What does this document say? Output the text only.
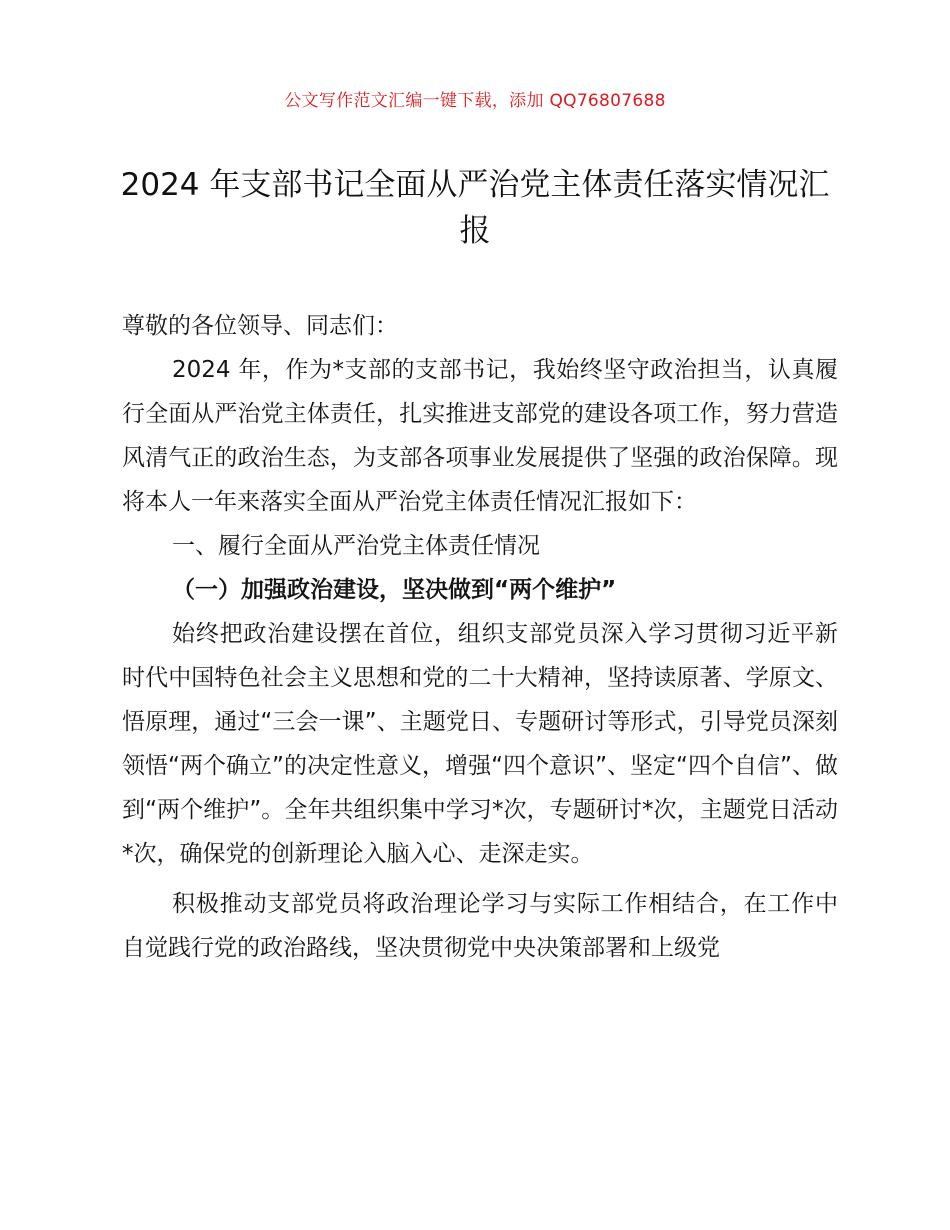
公文写作范文汇编一键下载，添加 QQ76807688
2024 年支部书记全面从严治党主体责任落实情况汇报

尊敬的各位领导、同志们：

2024 年，作为*支部的支部书记，我始终坚守政治担当，认真履行全面从严治党主体责任，扎实推进支部党的建设各项工作，努力营造风清气正的政治生态，为支部各项事业发展提供了坚强的政治保障。现将本人一年来落实全面从严治党主体责任情况汇报如下：

一、履行全面从严治党主体责任情况

（一）加强政治建设，坚决做到“两个维护”

始终把政治建设摆在首位，组织支部党员深入学习贯彻习近平新时代中国特色社会主义思想和党的二十大精神，坚持读原著、学原文、悟原理，通过“三会一课”、主题党日、专题研讨等形式，引导党员深刻领悟“两个确立”的决定性意义，增强“四个意识”、坚定“四个自信”、做到“两个维护”。全年共组织集中学习*次，专题研讨*次，主题党日活动*次，确保党的创新理论入脑入心、走深走实。

积极推动支部党员将政治理论学习与实际工作相结合，在工作中自觉践行党的政治路线，坚决贯彻党中央决策部署和上级党
